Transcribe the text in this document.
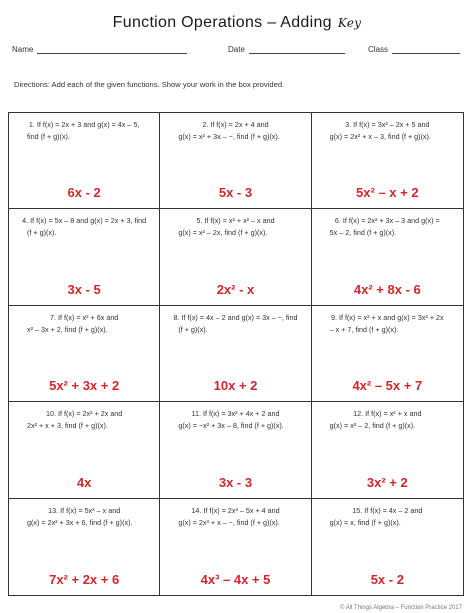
Function Operations – Adding Key
Name	Date	Class
Directions: Add each of the given functions. Show your work in the box provided.
1. If f(x) = 2x + 3 and g(x) = 4x – 5,
find (f + g)(x).
6x - 2
2. If f(x) = 2x + 4 and
g(x) = x² + 3x – −, find (f + g)(x).
5x - 3
3. If f(x) = 3x² – 2x + 5 and
g(x) = 2x² + x – 3, find (f + g)(x).
5x² – x + 2
4. If f(x) = 5x – 8 and g(x) = 2x + 3, find
(f + g)(x).
3x - 5
5. If f(x) = x² + x² – x and
g(x) = x² – 2x, find (f + g)(x).
2x² - x
6. If f(x) = 2x² + 3x – 3 and g(x) =
5x – 2, find (f + g)(x).
4x² + 8x - 6
7. If f(x) = x² + 6x and
x² – 3x + 2, find (f + g)(x).
5x² + 3x + 2
8. If f(x) = 4x – 2 and g(x) = 3x – −, find
(f + g)(x).
10x + 2
9. If f(x) = x² + x and g(x) = 3x² + 2x
– x + 7, find (f + g)(x).
4x² – 5x + 7
10. If f(x) = 2x² + 2x and
2x² + x + 3, find (f + g)(x).
4x
11. If f(x) = 3x² + 4x + 2 and
g(x) = −x² + 3x – 8, find (f + g)(x).
3x - 3
12. If f(x) = x² + x and
g(x) = x² – 2, find (f + g)(x).
3x² + 2
13. If f(x) = 5x² – x and
g(x) = 2x² + 3x + 6, find (f + g)(x).
7x² + 2x + 6
14. If f(x) = 2x³ – 5x + 4 and
g(x) = 2x³ + x – −, find (f + g)(x).
4x³ – 4x + 5
15. If f(x) = 4x – 2 and
g(x) = x, find (f + g)(x).
5x - 2
© All Things Algebra – Function Practice 2017
